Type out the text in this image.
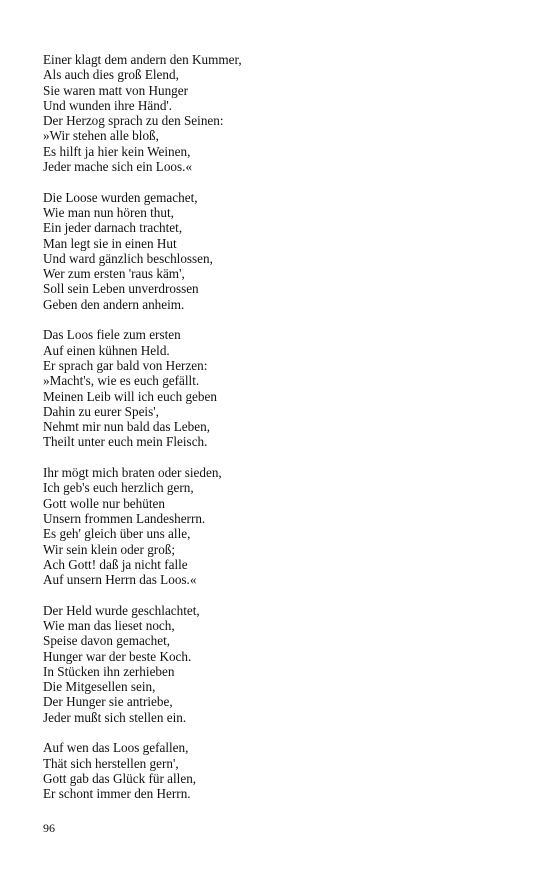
Einer klagt dem andern den Kummer,
Als auch dies groß Elend,
Sie waren matt von Hunger
Und wunden ihre Händ'.
Der Herzog sprach zu den Seinen:
»Wir stehen alle bloß,
Es hilft ja hier kein Weinen,
Jeder mache sich ein Loos.«
Die Loose wurden gemachet,
Wie man nun hören thut,
Ein jeder darnach trachtet,
Man legt sie in einen Hut
Und ward gänzlich beschlossen,
Wer zum ersten 'raus käm',
Soll sein Leben unverdrossen
Geben den andern anheim.
Das Loos fiele zum ersten
Auf einen kühnen Held.
Er sprach gar bald von Herzen:
»Macht's, wie es euch gefällt.
Meinen Leib will ich euch geben
Dahin zu eurer Speis',
Nehmt mir nun bald das Leben,
Theilt unter euch mein Fleisch.
Ihr mögt mich braten oder sieden,
Ich geb's euch herzlich gern,
Gott wolle nur behüten
Unsern frommen Landesherrn.
Es geh' gleich über uns alle,
Wir sein klein oder groß;
Ach Gott! daß ja nicht falle
Auf unsern Herrn das Loos.«
Der Held wurde geschlachtet,
Wie man das lieset noch,
Speise davon gemachet,
Hunger war der beste Koch.
In Stücken ihn zerhieben
Die Mitgesellen sein,
Der Hunger sie antriebe,
Jeder mußt sich stellen ein.
Auf wen das Loos gefallen,
Thät sich herstellen gern',
Gott gab das Glück für allen,
Er schont immer den Herrn.
96
